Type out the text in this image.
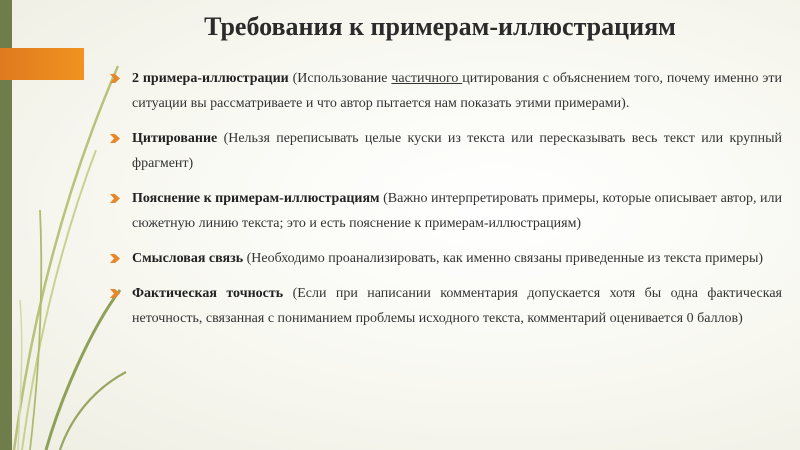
Требования к примерам-иллюстрациям
2 примера-иллюстрации (Использование частичного цитирования с объяснением того, почему именно эти ситуации вы рассматриваете и что автор пытается нам показать этими примерами).
Цитирование (Нельзя переписывать целые куски из текста или пересказывать весь текст или крупный фрагмент)
Пояснение к примерам-иллюстрациям (Важно интерпретировать примеры, которые описывает автор, или сюжетную линию текста; это и есть пояснение к примерам-иллюстрациям)
Смысловая связь (Необходимо проанализировать, как именно связаны приведенные из текста примеры)
Фактическая точность (Если при написании комментария допускается хотя бы одна фактическая неточность, связанная с пониманием проблемы исходного текста, комментарий оценивается 0 баллов)
